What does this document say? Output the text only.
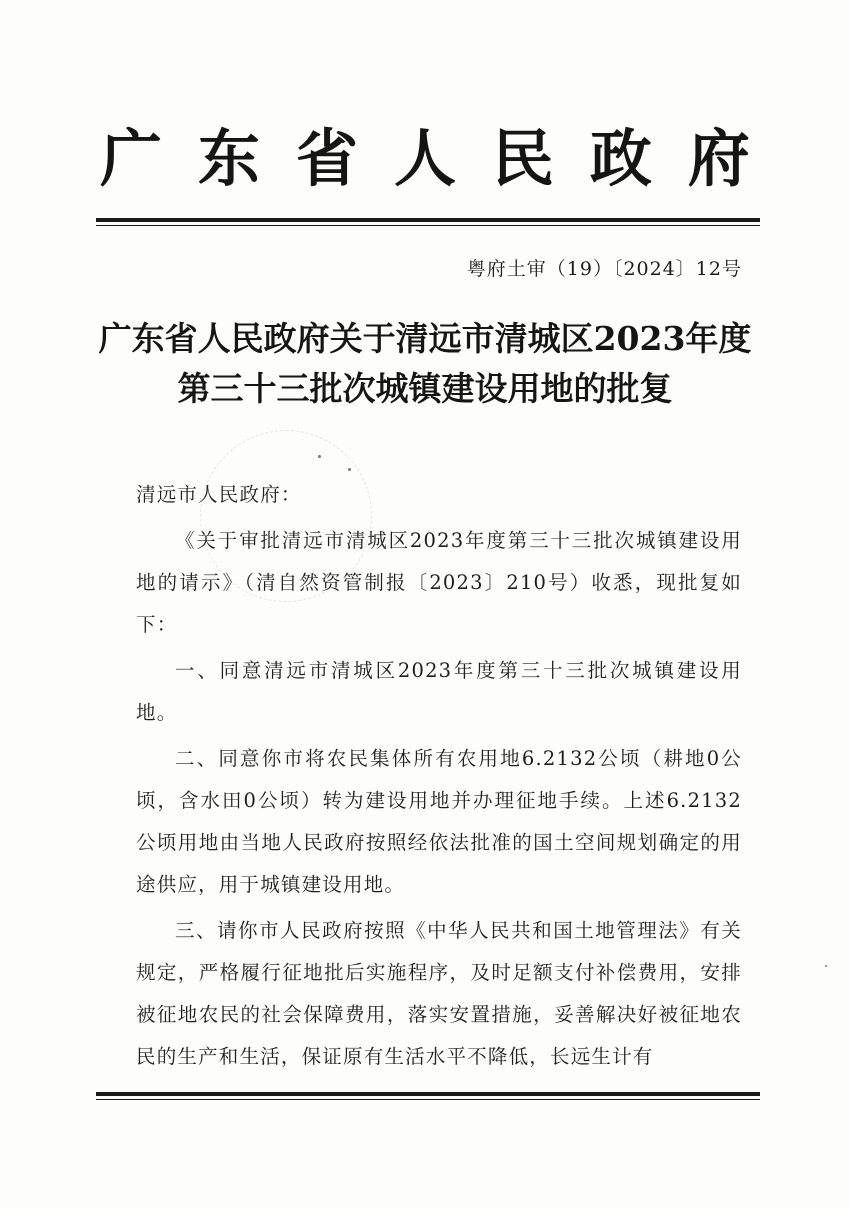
广 东 省 人 民 政 府
粤府土审（19）〔2024〕12号
广东省人民政府关于清远市清城区2023年度
第三十三批次城镇建设用地的批复

清远市人民政府：

《关于审批清远市清城区2023年度第三十三批次城镇建设用地的请示》（清自然资管制报〔2023〕210号）收悉，现批复如下：

一、同意清远市清城区2023年度第三十三批次城镇建设用地。

二、同意你市将农民集体所有农用地6.2132公顷（耕地0公顷，含水田0公顷）转为建设用地并办理征地手续。上述6.2132公顷用地由当地人民政府按照经依法批准的国土空间规划确定的用途供应，用于城镇建设用地。

三、请你市人民政府按照《中华人民共和国土地管理法》有关规定，严格履行征地批后实施程序，及时足额支付补偿费用，安排被征地农民的社会保障费用，落实安置措施，妥善解决好被征地农民的生产和生活，保证原有生活水平不降低，长远生计有
